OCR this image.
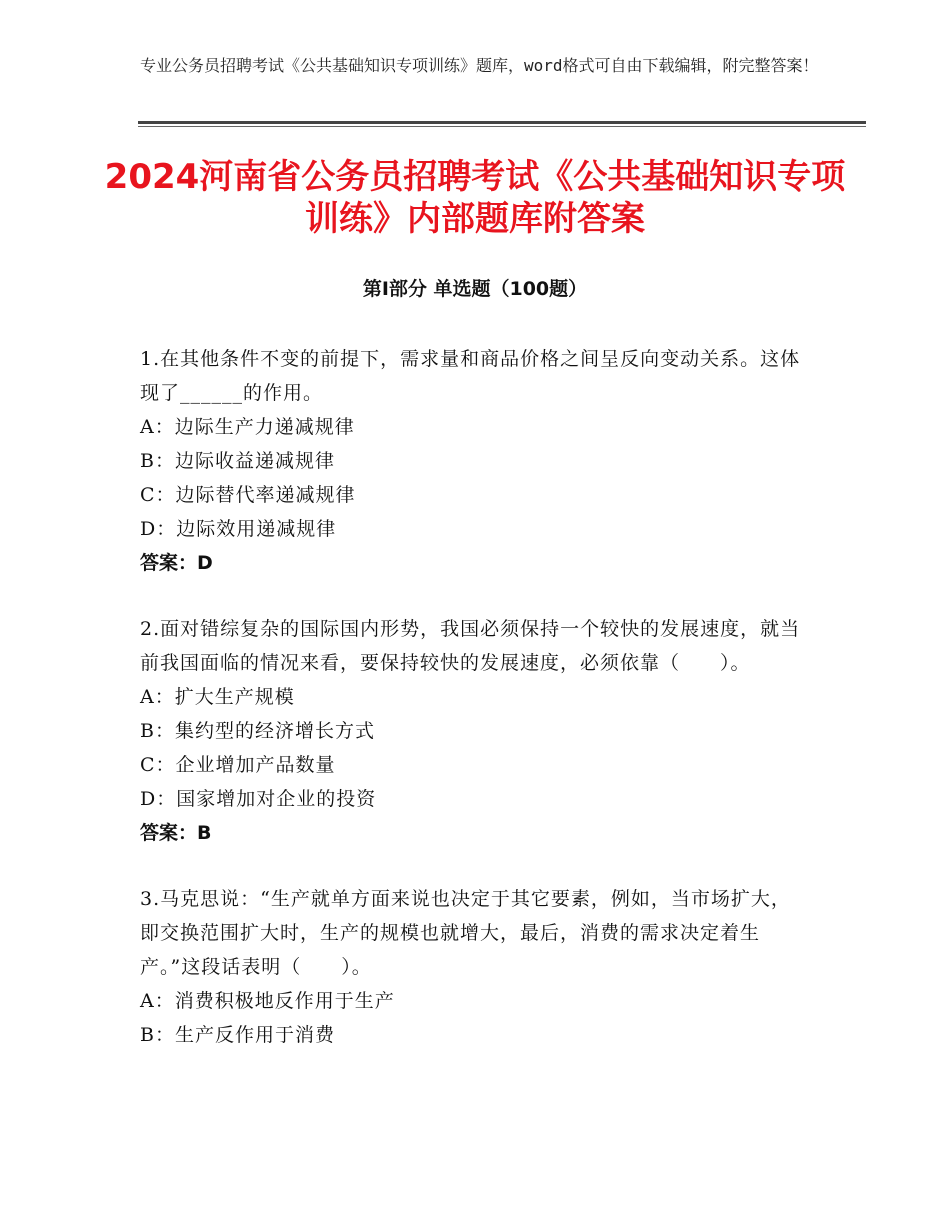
专业公务员招聘考试《公共基础知识专项训练》题库，word格式可自由下载编辑，附完整答案！
2024河南省公务员招聘考试《公共基础知识专项训练》内部题库附答案
第Ⅰ部分 单选题（100题）
1.在其他条件不变的前提下，需求量和商品价格之间呈反向变动关系。这体现了______的作用。
A：边际生产力递减规律
B：边际收益递减规律
C：边际替代率递减规律
D：边际效用递减规律
答案：D
2.面对错综复杂的国际国内形势，我国必须保持一个较快的发展速度，就当前我国面临的情况来看，要保持较快的发展速度，必须依靠（　　）。
A：扩大生产规模
B：集约型的经济增长方式
C：企业增加产品数量
D：国家增加对企业的投资
答案：B
3.马克思说：“生产就单方面来说也决定于其它要素，例如，当市场扩大，即交换范围扩大时，生产的规模也就增大，最后，消费的需求决定着生产。”这段话表明（　　）。
A：消费积极地反作用于生产
B：生产反作用于消费
